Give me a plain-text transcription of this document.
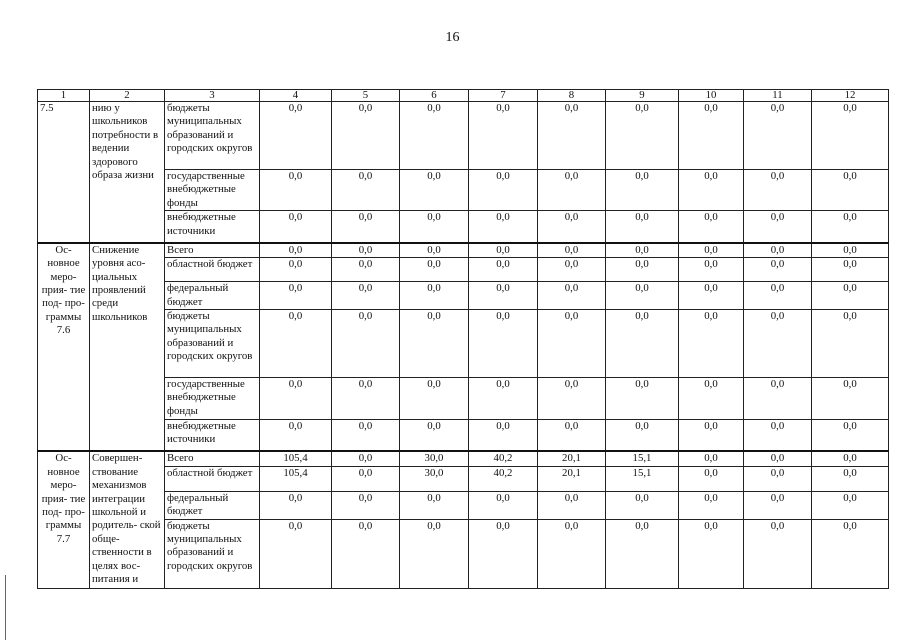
16
1	2	3	4	5	6	7	8	9	10	11	12
7.5	нию у школьников потребности в ведении здорового образа жизни	бюджеты муниципальных образований и городских округов	0,0	0,0	0,0	0,0	0,0	0,0	0,0	0,0	0,0
		государственные внебюджетные фонды	0,0	0,0	0,0	0,0	0,0	0,0	0,0	0,0	0,0
		внебюджетные источники	0,0	0,0	0,0	0,0	0,0	0,0	0,0	0,0	0,0
Ос- новное меро- прия- тие под- про- граммы 7.6	Снижение уровня асо- циальных проявлений среди школьников	Всего	0,0	0,0	0,0	0,0	0,0	0,0	0,0	0,0	0,0
		областной бюджет	0,0	0,0	0,0	0,0	0,0	0,0	0,0	0,0	0,0
		федеральный бюджет	0,0	0,0	0,0	0,0	0,0	0,0	0,0	0,0	0,0
		бюджеты муниципальных образований и городских округов	0,0	0,0	0,0	0,0	0,0	0,0	0,0	0,0	0,0
		государственные внебюджетные фонды	0,0	0,0	0,0	0,0	0,0	0,0	0,0	0,0	0,0
		внебюджетные источники	0,0	0,0	0,0	0,0	0,0	0,0	0,0	0,0	0,0
Ос- новное меро- прия- тие под- про- граммы 7.7	Совершен- ствование механизмов интеграции школьной и родитель- ской обще- ственности в целях вос- питания и	Всего	105,4	0,0	30,0	40,2	20,1	15,1	0,0	0,0	0,0
		областной бюджет	105,4	0,0	30,0	40,2	20,1	15,1	0,0	0,0	0,0
		федеральный бюджет	0,0	0,0	0,0	0,0	0,0	0,0	0,0	0,0	0,0
		бюджеты муниципальных образований и городских округов	0,0	0,0	0,0	0,0	0,0	0,0	0,0	0,0	0,0
